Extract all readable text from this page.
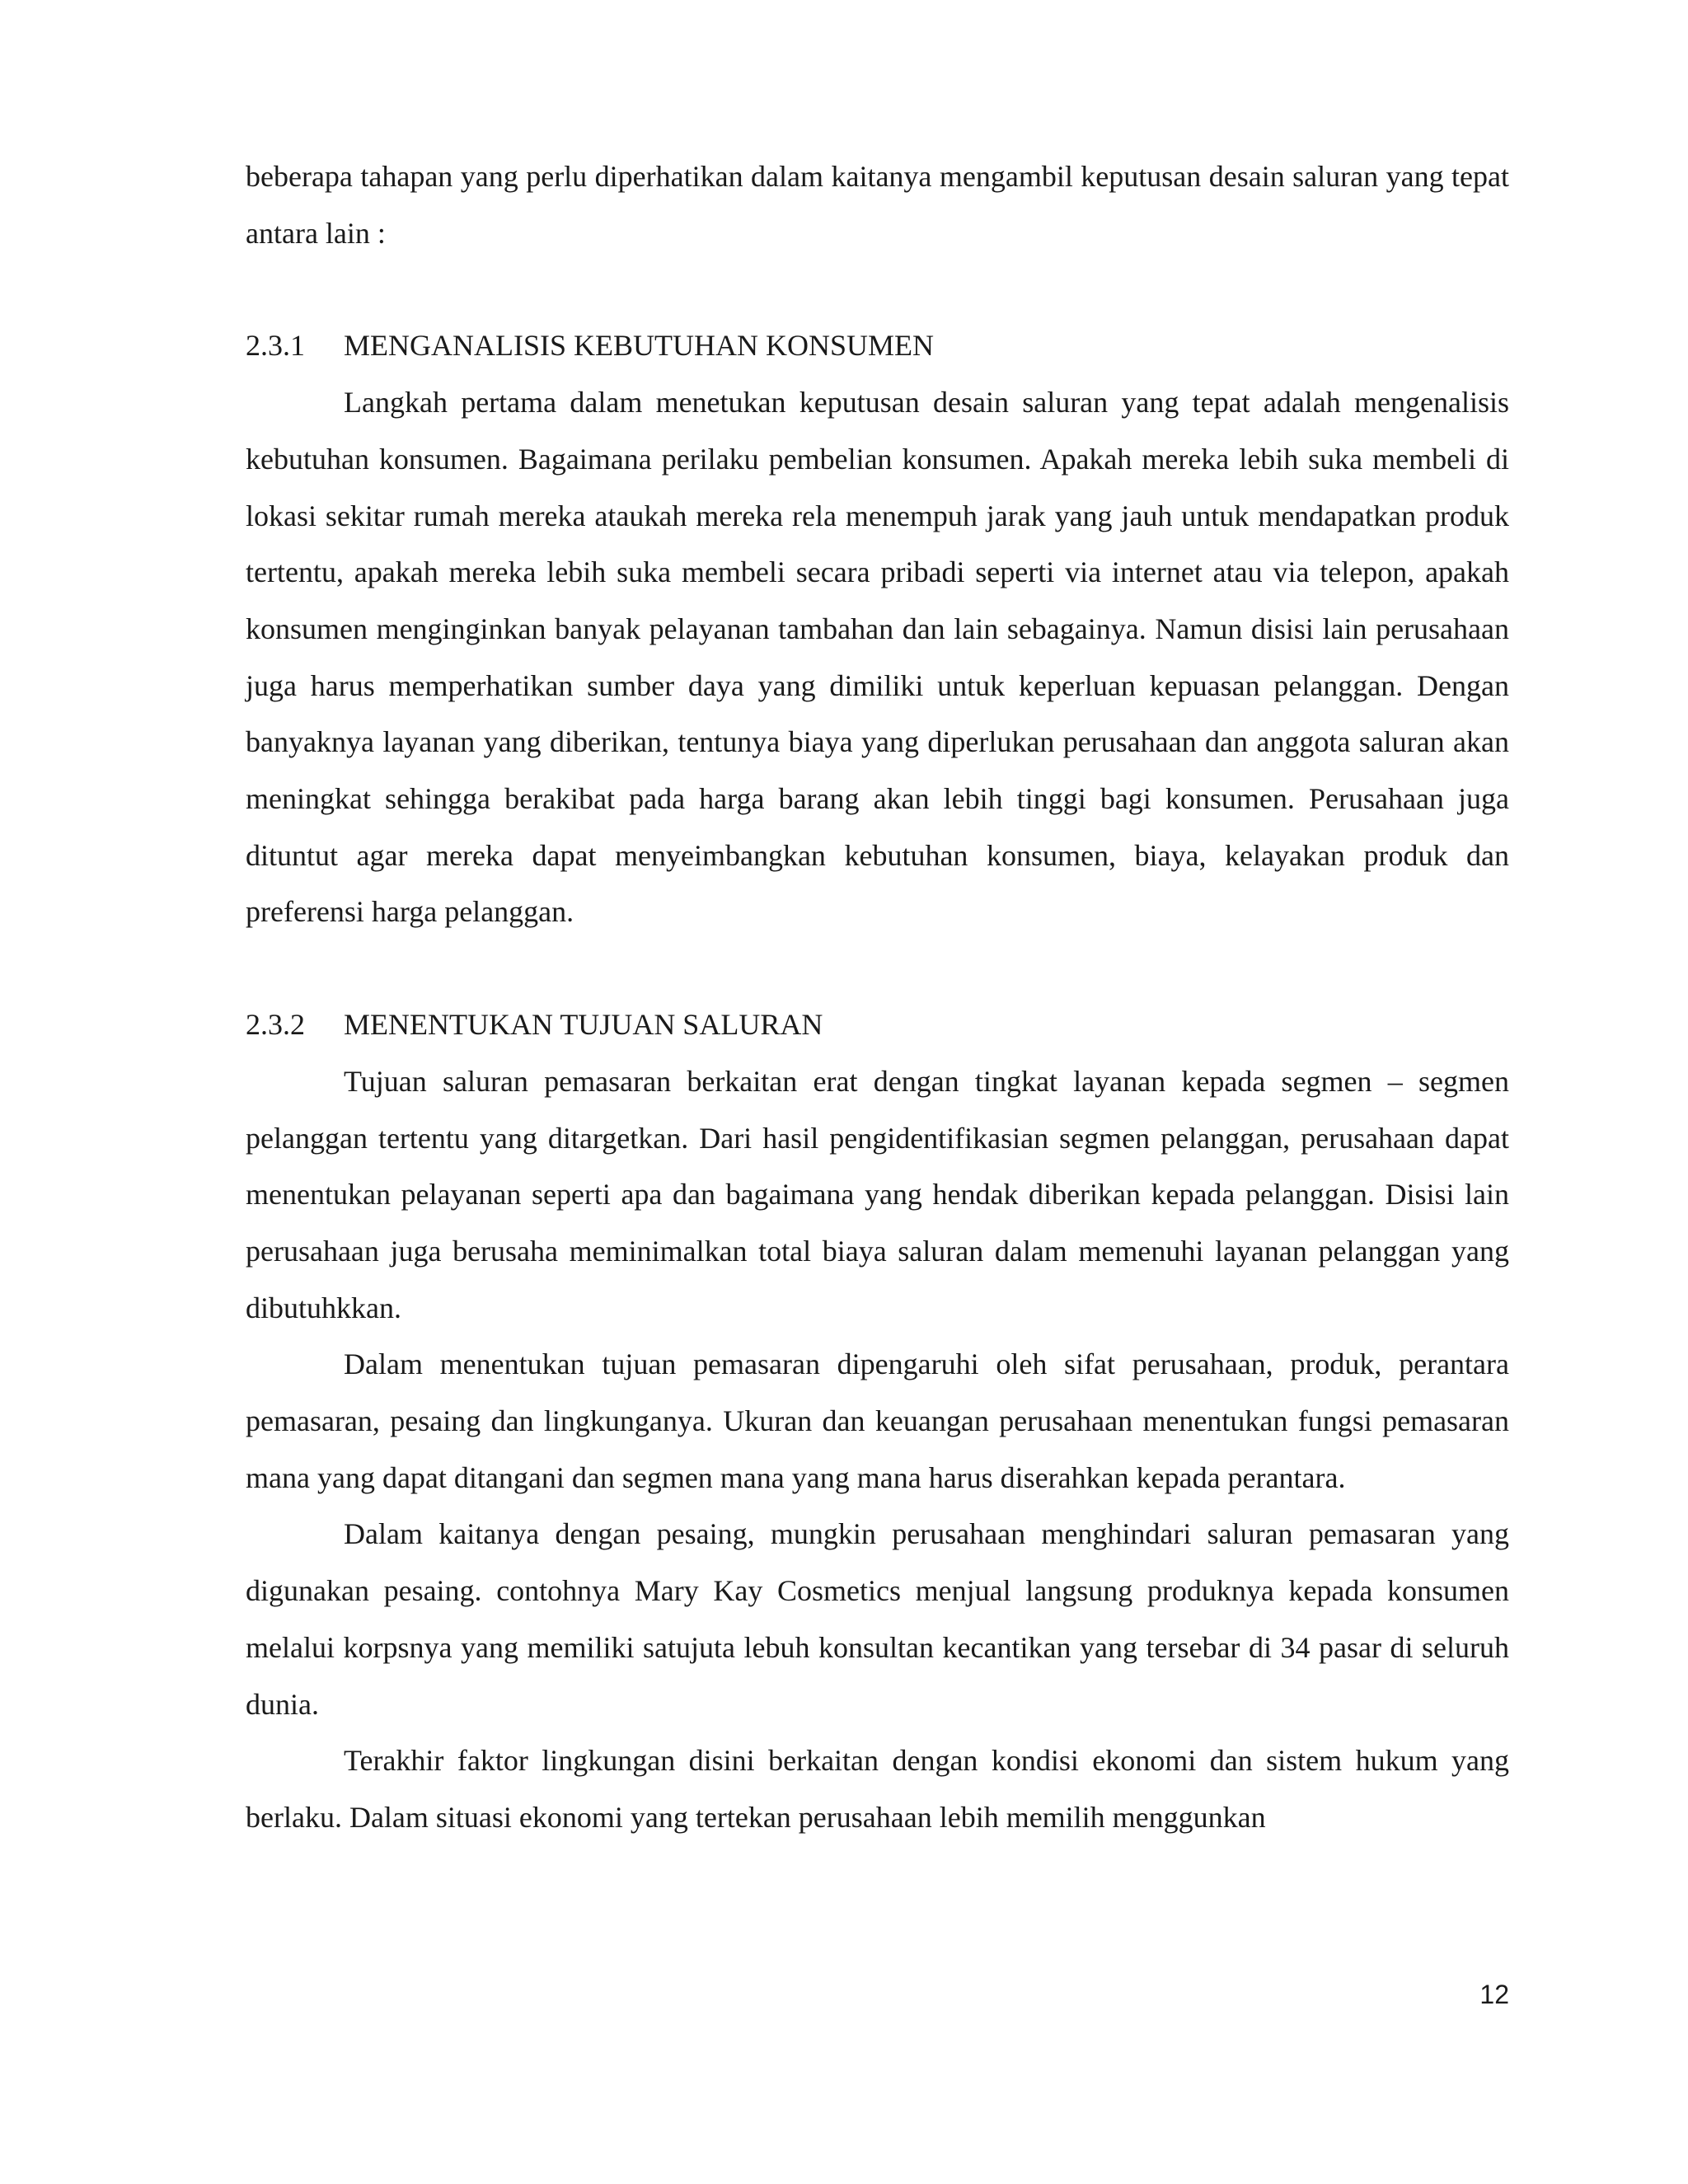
beberapa tahapan yang perlu diperhatikan dalam kaitanya mengambil keputusan desain saluran yang tepat antara lain :

2.3.1	MENGANALISIS KEBUTUHAN KONSUMEN

Langkah pertama dalam menetukan keputusan desain saluran yang tepat adalah mengenalisis kebutuhan konsumen. Bagaimana perilaku pembelian konsumen. Apakah mereka lebih suka membeli di lokasi sekitar rumah mereka ataukah mereka rela menempuh jarak yang jauh untuk mendapatkan produk tertentu, apakah mereka lebih suka membeli secara pribadi seperti via internet atau via telepon, apakah konsumen menginginkan banyak pelayanan tambahan dan lain sebagainya. Namun disisi lain perusahaan juga harus memperhatikan sumber daya yang dimiliki untuk keperluan kepuasan pelanggan. Dengan banyaknya layanan yang diberikan, tentunya biaya yang diperlukan perusahaan dan anggota saluran akan meningkat sehingga berakibat pada harga barang akan lebih tinggi bagi konsumen. Perusahaan juga dituntut agar mereka dapat menyeimbangkan kebutuhan konsumen, biaya, kelayakan produk dan preferensi harga pelanggan.

2.3.2	MENENTUKAN TUJUAN SALURAN

Tujuan saluran pemasaran berkaitan erat dengan tingkat layanan kepada segmen – segmen pelanggan tertentu yang ditargetkan. Dari hasil pengidentifikasian segmen pelanggan, perusahaan dapat menentukan pelayanan seperti apa dan bagaimana yang hendak diberikan kepada pelanggan. Disisi lain perusahaan juga berusaha meminimalkan total biaya saluran dalam memenuhi layanan pelanggan yang dibutuhkkan.

Dalam menentukan tujuan pemasaran dipengaruhi oleh sifat perusahaan, produk, perantara pemasaran, pesaing dan lingkunganya. Ukuran dan keuangan perusahaan menentukan fungsi pemasaran mana yang dapat ditangani dan segmen mana yang mana harus diserahkan kepada perantara.

Dalam kaitanya dengan pesaing, mungkin perusahaan menghindari saluran pemasaran yang digunakan pesaing. contohnya Mary Kay Cosmetics menjual langsung produknya kepada konsumen melalui korpsnya yang memiliki satujuta lebuh konsultan kecantikan yang tersebar di 34 pasar di seluruh dunia.

Terakhir faktor lingkungan disini berkaitan dengan kondisi ekonomi dan sistem hukum yang berlaku. Dalam situasi ekonomi yang tertekan perusahaan lebih memilih menggunkan

12
